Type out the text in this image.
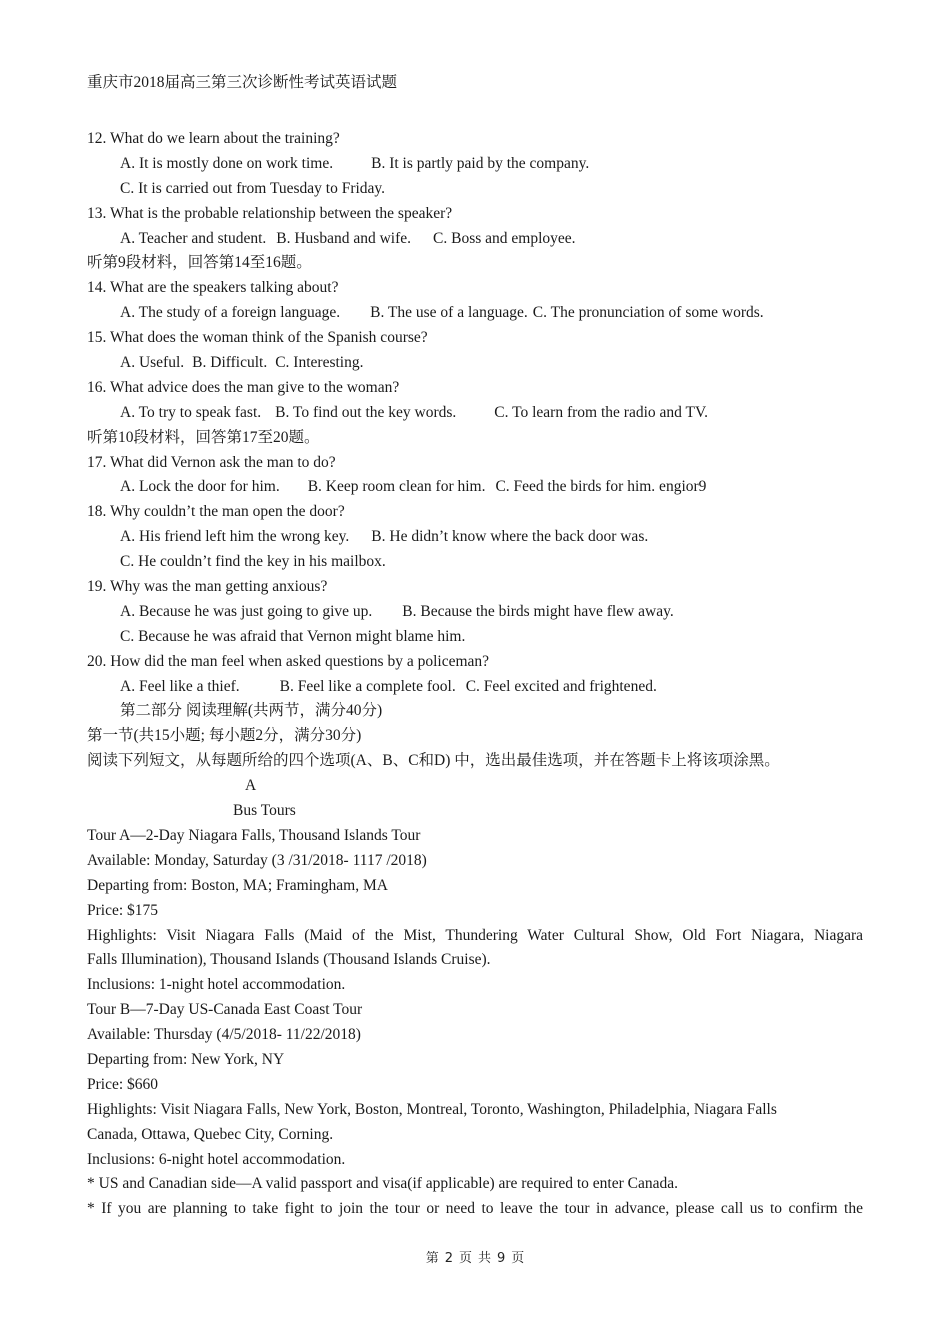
重庆市2018届高三第三次诊断性考试英语试题
12. What do we learn about the training?
A. It is mostly done on work time. B. It is partly paid by the company.
C. It is carried out from Tuesday to Friday.
13. What is the probable relationship between the speaker?
A. Teacher and student. B. Husband and wife. C. Boss and employee.
听第9段材料，回答第14至16题。
14. What are the speakers talking about?
A. The study of a foreign language. B. The use of a language. C. The pronunciation of some words.
15. What does the woman think of the Spanish course?
A. Useful. B. Difficult. C. Interesting.
16. What advice does the man give to the woman?
A. To try to speak fast. B. To find out the key words. C. To learn from the radio and TV.
听第10段材料，回答第17至20题。
17. What did Vernon ask the man to do?
A. Lock the door for him. B. Keep room clean for him. C. Feed the birds for him. engior9
18. Why couldn’t the man open the door?
A. His friend left him the wrong key. B. He didn’t know where the back door was.
C. He couldn’t find the key in his mailbox.
19. Why was the man getting anxious?
A. Because he was just going to give up. B. Because the birds might have flew away.
C. Because he was afraid that Vernon might blame him.
20. How did the man feel when asked questions by a policeman?
A. Feel like a thief.	B. Feel like a complete fool. C. Feel excited and frightened.
第二部分 阅读理解(共两节，满分40分)
第一节(共15小题; 每小题2分，满分30分)
阅读下列短文，从每题所给的四个选项(A、B、C和D) 中，选出最佳选项，并在答题卡上将该项涂黑。
A
Bus Tours
Tour A—2-Day Niagara Falls, Thousand Islands Tour
Available: Monday, Saturday (3 /31/2018- 1117 /2018)
Departing from: Boston, MA; Framingham, MA
Price: $175
Highlights: Visit Niagara Falls (Maid of the Mist, Thundering Water Cultural Show, Old Fort Niagara, Niagara
Falls Illumination), Thousand Islands (Thousand Islands Cruise).
Inclusions: 1-night hotel accommodation.
Tour B—7-Day US-Canada East Coast Tour
Available: Thursday (4/5/2018- 11/22/2018)
Departing from: New York, NY
Price: $660
Highlights: Visit Niagara Falls, New York, Boston, Montreal, Toronto, Washington, Philadelphia, Niagara Falls
Canada, Ottawa, Quebec City, Corning.
Inclusions: 6-night hotel accommodation.
* US and Canadian side—A valid passport and visa(if applicable) are required to enter Canada.
* If you are planning to take fight to join the tour or need to leave the tour in advance, please call us to confirm the
第 2 页 共 9 页
